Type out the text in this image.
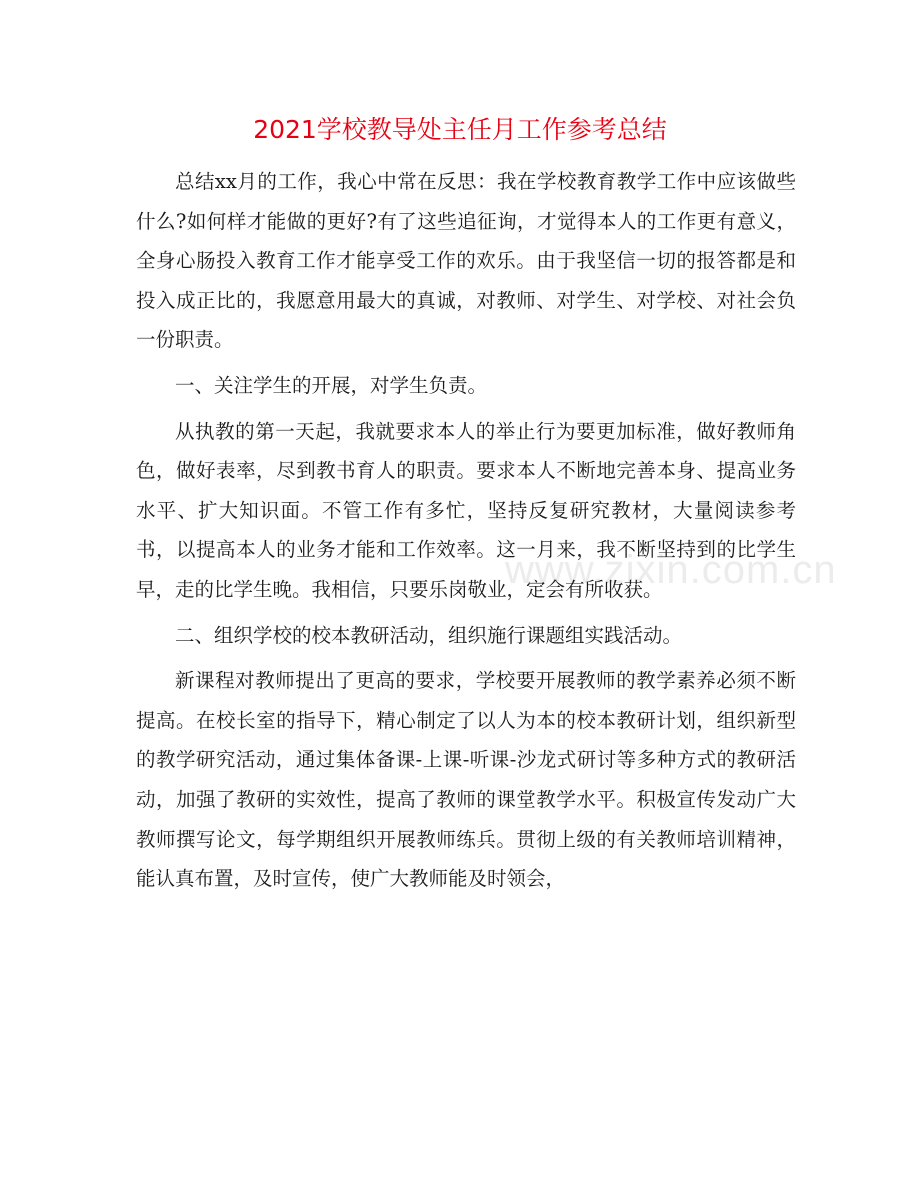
www.zixin.com.cn
2021学校教导处主任月工作参考总结

总结xx月的工作，我心中常在反思：我在学校教育教学工作中应该做些什么?如何样才能做的更好?有了这些追征询，才觉得本人的工作更有意义，全身心肠投入教育工作才能享受工作的欢乐。由于我坚信一切的报答都是和投入成正比的，我愿意用最大的真诚，对教师、对学生、对学校、对社会负一份职责。

一、关注学生的开展，对学生负责。

从执教的第一天起，我就要求本人的举止行为要更加标准，做好教师角色，做好表率，尽到教书育人的职责。要求本人不断地完善本身、提高业务水平、扩大知识面。不管工作有多忙，坚持反复研究教材，大量阅读参考书，以提高本人的业务才能和工作效率。这一月来，我不断坚持到的比学生早，走的比学生晚。我相信，只要乐岗敬业，定会有所收获。

二、组织学校的校本教研活动，组织施行课题组实践活动。

新课程对教师提出了更高的要求，学校要开展教师的教学素养必须不断提高。在校长室的指导下，精心制定了以人为本的校本教研计划，组织新型的教学研究活动，通过集体备课-上课-听课-沙龙式研讨等多种方式的教研活动，加强了教研的实效性，提高了教师的课堂教学水平。积极宣传发动广大教师撰写论文，每学期组织开展教师练兵。贯彻上级的有关教师培训精神，能认真布置，及时宣传，使广大教师能及时领会，
